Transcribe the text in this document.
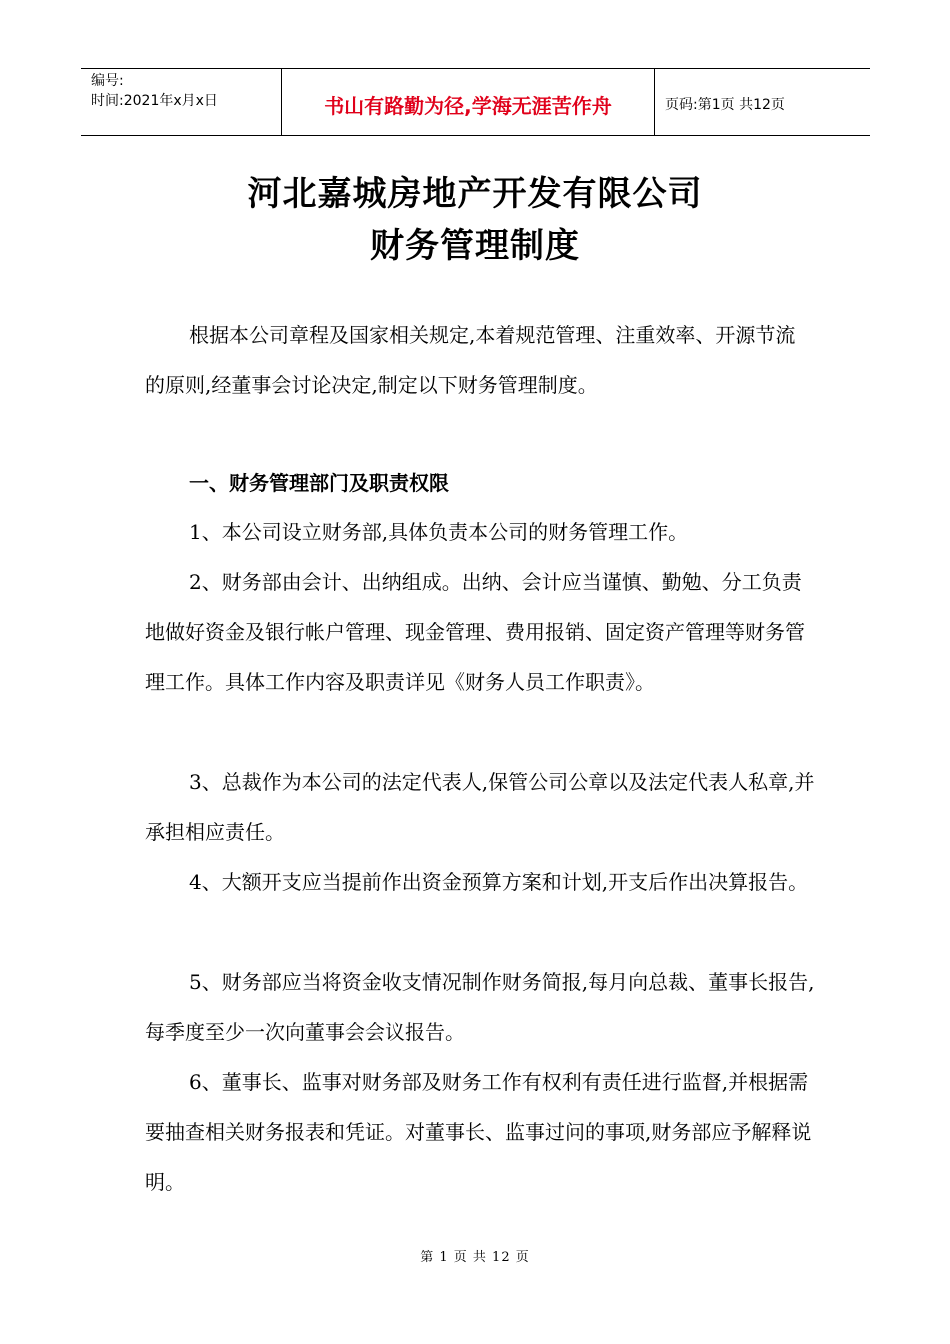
编号:
时间:2021年x月x日	书山有路勤为径,学海无涯苦作舟	页码:第1页 共12页
河北嘉城房地产开发有限公司
财务管理制度

根据本公司章程及国家相关规定,本着规范管理、注重效率、开源节流的原则,经董事会讨论决定,制定以下财务管理制度。

一、财务管理部门及职责权限

1、本公司设立财务部,具体负责本公司的财务管理工作。

2、财务部由会计、出纳组成。出纳、会计应当谨慎、勤勉、分工负责地做好资金及银行帐户管理、现金管理、费用报销、固定资产管理等财务管理工作。具体工作内容及职责详见《财务人员工作职责》。

3、总裁作为本公司的法定代表人,保管公司公章以及法定代表人私章,并承担相应责任。

4、大额开支应当提前作出资金预算方案和计划,开支后作出决算报告。

5、财务部应当将资金收支情况制作财务简报,每月向总裁、董事长报告,每季度至少一次向董事会会议报告。

6、董事长、监事对财务部及财务工作有权利有责任进行监督,并根据需要抽查相关财务报表和凭证。对董事长、监事过问的事项,财务部应予解释说明。

第 1 页 共 12 页
